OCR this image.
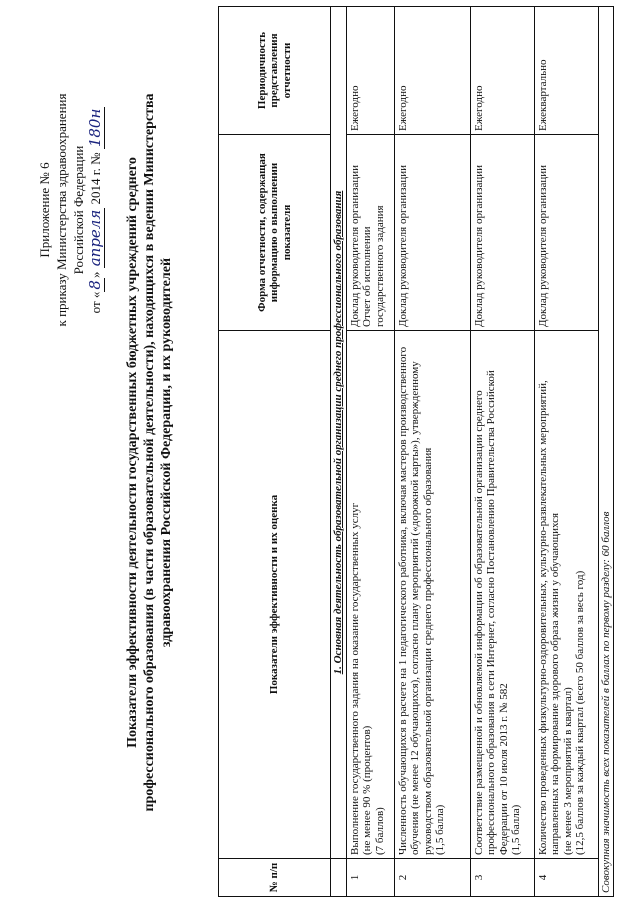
Приложение № 6 к приказу Министерства здравоохранения Российской Федерации
от «8» апреля 2014 г. № 180н
Показатели эффективности деятельности государственных бюджетных учреждений среднего профессионального образования (в части образовательной деятельности), находящихся в ведении Министерства здравоохранения Российской Федерации, и их руководителей
№ п/п	Показатели эффективности и их оценка	Форма отчетности, содержащая информацию о выполнении показателя	Периодичность представления отчетности
	1. Основная деятельность образовательной организации среднего профессионального образования		
1	Выполнение государственного задания на оказание государственных услуг (не менее 90 % (процентов) (7 баллов)	Доклад руководителя организации Отчет об исполнении государственного задания	Ежегодно
2	Численность обучающихся в расчете на 1 педагогического работника, включая мастеров производственного обучения (не менее 12 обучающихся), согласно плану мероприятий («дорожной карты»), утвержденному руководством образовательной организации среднего профессионального образования (1,5 балла)	Доклад руководителя организации	Ежегодно
3	Соответствие размещенной и обновляемой информации об образовательной организации среднего профессионального образования в сети Интернет, согласно Постановлению Правительства Российской Федерации от 10 июля 2013 г. № 582 (1,5 балла)	Доклад руководителя организации	Ежегодно
4	Количество проведенных физкультурно-оздоровительных, культурно-развлекательных мероприятий, направленных на формирование здорового образа жизни у обучающихся (не менее 3 мероприятий в квартал) (12,5 баллов за каждый квартал (всего 50 баллов за весь год)	Доклад руководителя организации	Ежеквартально
Совокупная значимость всех показателей в баллах по первому разделу: 60 баллов			
